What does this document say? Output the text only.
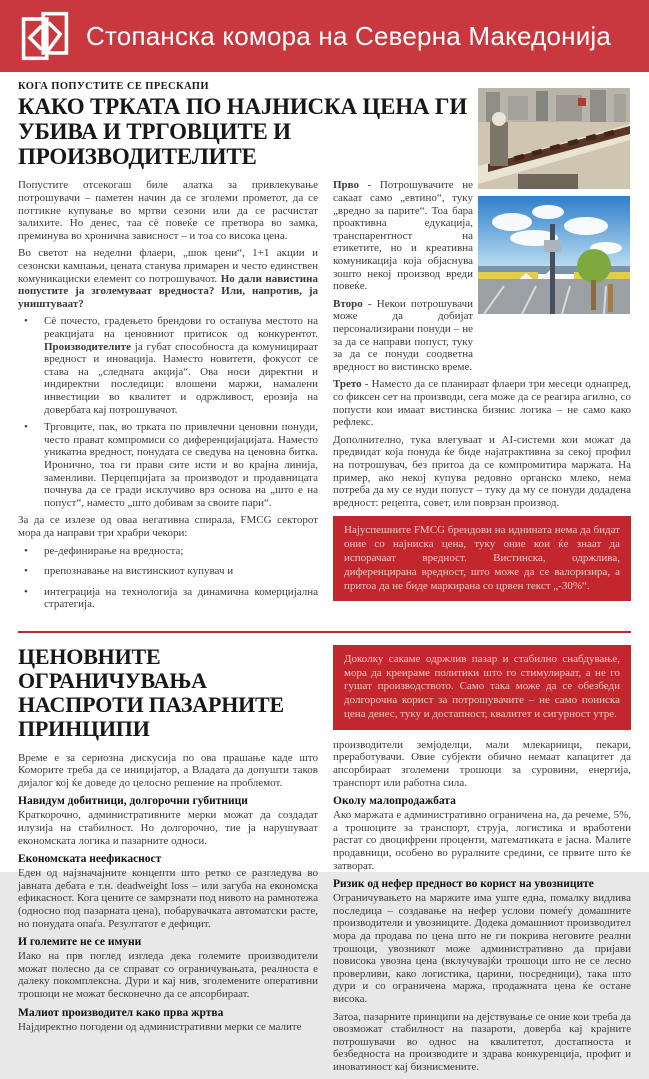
Стопанска комора на Северна Македонија
КОГА ПОПУСТИТЕ СЕ ПРЕСКАПИ
КАКО ТРКАТА ПО НАЈНИСКА ЦЕНА ГИ УБИВА И ТРГОВЦИТЕ И ПРОИЗВОДИТЕЛИТЕ

Попустите отсекогаш биле алатка за привлекување потрошувачи – паметен начин да се зголеми прометот, да се поттикне купување во мртви сезони или да се расчистат залихите. Но денес, таа сè повеќе се претвора во замка, преминува во хронична зависност – и тоа со висока цена.

Во светот на неделни флаери, „шок цени“, 1+1 акции и сезонски кампањи, цената станува примарен и често единствен комуникациски елемент со потрошувачот. Но дали навистина попустите ја зголемуваат вредноста? Или, напротив, ја уништуваат?

•	Сè почесто, градењето брендови го остапува местото на реакцијата на ценовниот притисок од конкурентот. Производителите ја губат способноста да комуницираат вредност и иновација. Наместо новитети, фокусот се става на „следната акција“. Ова носи директни и индиректни последици: влошени маржи, намалени инвестиции во квалитет и одржливост, ерозија на довербата кај потрошувачот.
•	Трговците, пак, во трката по привлечни ценовни понуди, често прават компромиси со диференцијацијата. Наместо уникатна вредност, понудата се сведува на ценовна битка. Иронично, тоа ги прави сите исти и во крајна линија, заменливи. Перцепцијата за производот и продавницата почнува да се гради исклучиво врз основа на „што е на попуст“, наместо „што добивам за своите пари“.

За да се излезе од оваа негативна спирала, FMCG секторот мора да направи три храбри чекори:

•	ре-дефинирање на вредноста;
•	препознавање на вистинскиот купувач и
•	интеграција на технологија за динамична комерцијална стратегија.

Прво - Потрошувачите не сакаат само „евтино“, туку „вредно за парите“. Тоа бара проактивна едукација, транспарентност на етикетите, но и креативна комуникација која објаснува зошто некој производ вреди повеќе.

Второ - Некои потрошувачи може да добијат персонализирани понуди – не за да се направи попуст, туку за да се понуди соодветна вредност во вистинско време.

Трето - Наместо да се планираат флаери три месеци однапред, со фиксен сет на производи, сега може да се реагира агилно, со попусти кои имаат вистинска бизнис логика – не само како рефлекс.

Дополнително, тука влегуваат и AI-системи кои можат да предвидат која понуда ќе биде најатрактивна за секој профил на потрошувач, без притоа да се компромитира маржата. На пример, ако некој купува редовно органско млеко, нема потреба да му се нуди попуст – туку да му се понуди додадена вредност: рецепта, совет, или поврзан производ.

Најуспешните FMCG брендови на иднината нема да бидат оние со најниска цена, туку оние кои ќе знаат да испорачаат вредност. Вистинска, одржлива, диференцирана вредност, што може да се валоризира, а притоа да не биде маркирана со црвен текст „-30%“.
ЦЕНОВНИТЕ ОГРАНИЧУВАЊА НАСПРОТИ ПАЗАРНИТЕ ПРИНЦИПИ

Време е за сериозна дискусија по ова прашање каде што Коморите треба да се иницијатор, а Владата да допушти таков дијалог кој ќе доведе до целосно решение на проблемот.

Навидум добитници, долгорочни губитници

Краткорочно, административните мерки можат да создадат илузија на стабилност. Но долгорочно, тие ја нарушуваат економската логика и пазарните односи.

Економската неефикасност

Еден од најзначајните концепти што ретко се разгледува во јавната дебата е т.н. deadweight loss – или загуба на економска ефикасност. Кога цените се замрзнати под нивото на рамнотежа (односно под пазарната цена), побарувачката автоматски расте, но понудата опаѓа. Резултатот е дефицит.

И големите не се имуни

Иако на прв поглед изгледа дека големите производители можат полесно да се справат со ограничувањата, реалноста е далеку покомплексна. Дури и кај нив, зголемените оперативни трошоци не можат бесконечно да се апсорбираат.

Малиот производител како прва жртва

Најдиректно погодени од административни мерки се малите

Доколку сакаме одржлив пазар и стабилно снабдување, мора да креираме политики што го стимулираат, а не го гушат производството. Само така може да се обезбеди долгорочна корист за потрошувачите – не само пониска цена денес, туку и достапност, квалитет и сигурност утре.

производители земјоделци, мали млекарници, пекари, преработувачи. Овие субјекти обично немаат капацитет да апсорбираат зголемени трошоци за суровини, енергија, транспорт или работна сила.

Околу малопродажбата

Ако маржата е административно ограничена на, да речеме, 5%, а трошоците за транспорт, струја, логистика и вработени растат со двоцифрени проценти, математиката е јасна. Малите продавници, особено во руралните средини, се првите што ќе затворат.

Ризик од нефер предност во корист на увозниците

Ограничувањето на маржите има уште една, помалку видлива последица – создавање на нефер услови помеѓу домашните производители и увозниците. Додека домашниот производител мора да продава по цена што не ги покрива неговите реални трошоци, увозникот може административно да пријави повисока увозна цена (вклучувајќи трошоци што не се лесно проверливи, како логистика, царини, посредници), така што дури и со ограничена маржа, продажната цена ќе остане висока.

Затоа, пазарните принципи на дејствување се оние кои треба да овозможат стабилност на пазароти, доверба кај крајните потрошувачи во однос на квалитетот, достапноста и безбедноста на производите и здрава конкуренција, профит и иноватиност кај бизнисмените.
